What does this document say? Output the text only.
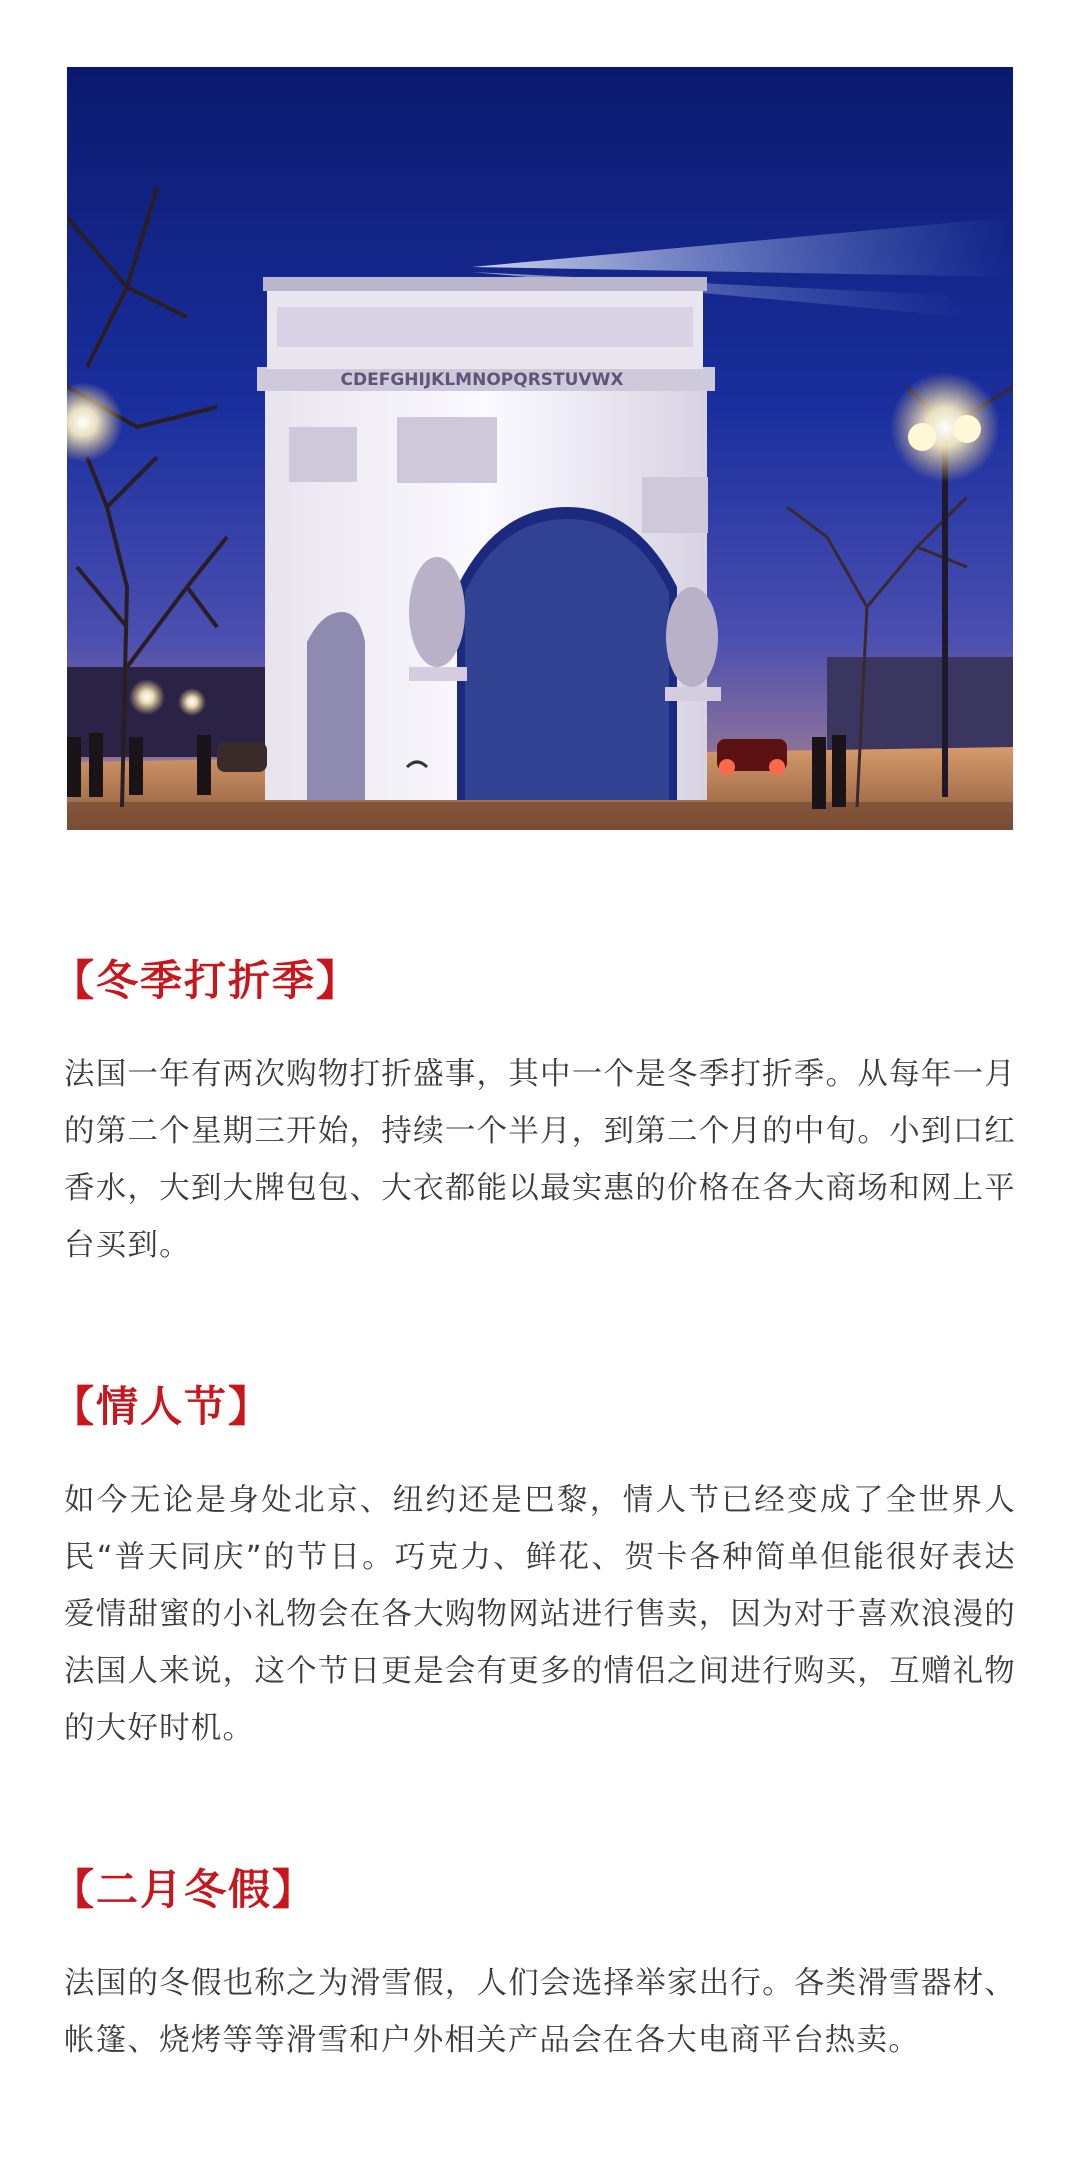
CDEFGHIJKLMNOPQRSTUVWX
【冬季打折季】

法国一年有两次购物打折盛事，其中一个是冬季打折季。从每年一月的第二个星期三开始，持续一个半月，到第二个月的中旬。小到口红香水，大到大牌包包、大衣都能以最实惠的价格在各大商场和网上平台买到。

【情人节】

如今无论是身处北京、纽约还是巴黎，情人节已经变成了全世界人民“普天同庆”的节日。巧克力、鲜花、贺卡各种简单但能很好表达爱情甜蜜的小礼物会在各大购物网站进行售卖，因为对于喜欢浪漫的法国人来说，这个节日更是会有更多的情侣之间进行购买，互赠礼物的大好时机。

【二月冬假】

法国的冬假也称之为滑雪假，人们会选择举家出行。各类滑雪器材、帐篷、烧烤等等滑雪和户外相关产品会在各大电商平台热卖。
